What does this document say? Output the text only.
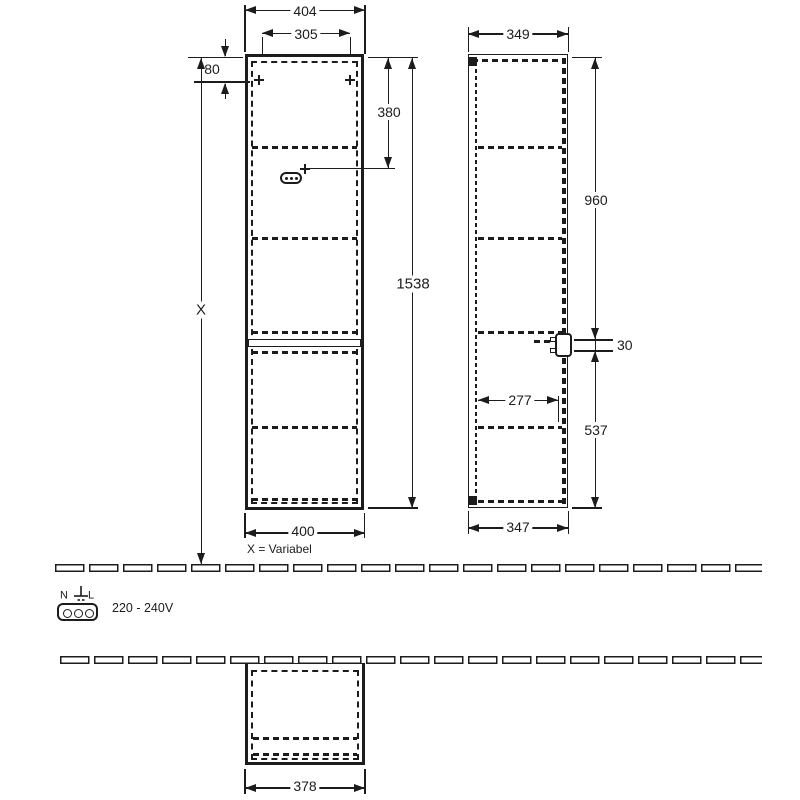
404
305
80
X
1538
380
400
X = Variabel
349
960
30
537
277
347
N L
220 - 240V
378
